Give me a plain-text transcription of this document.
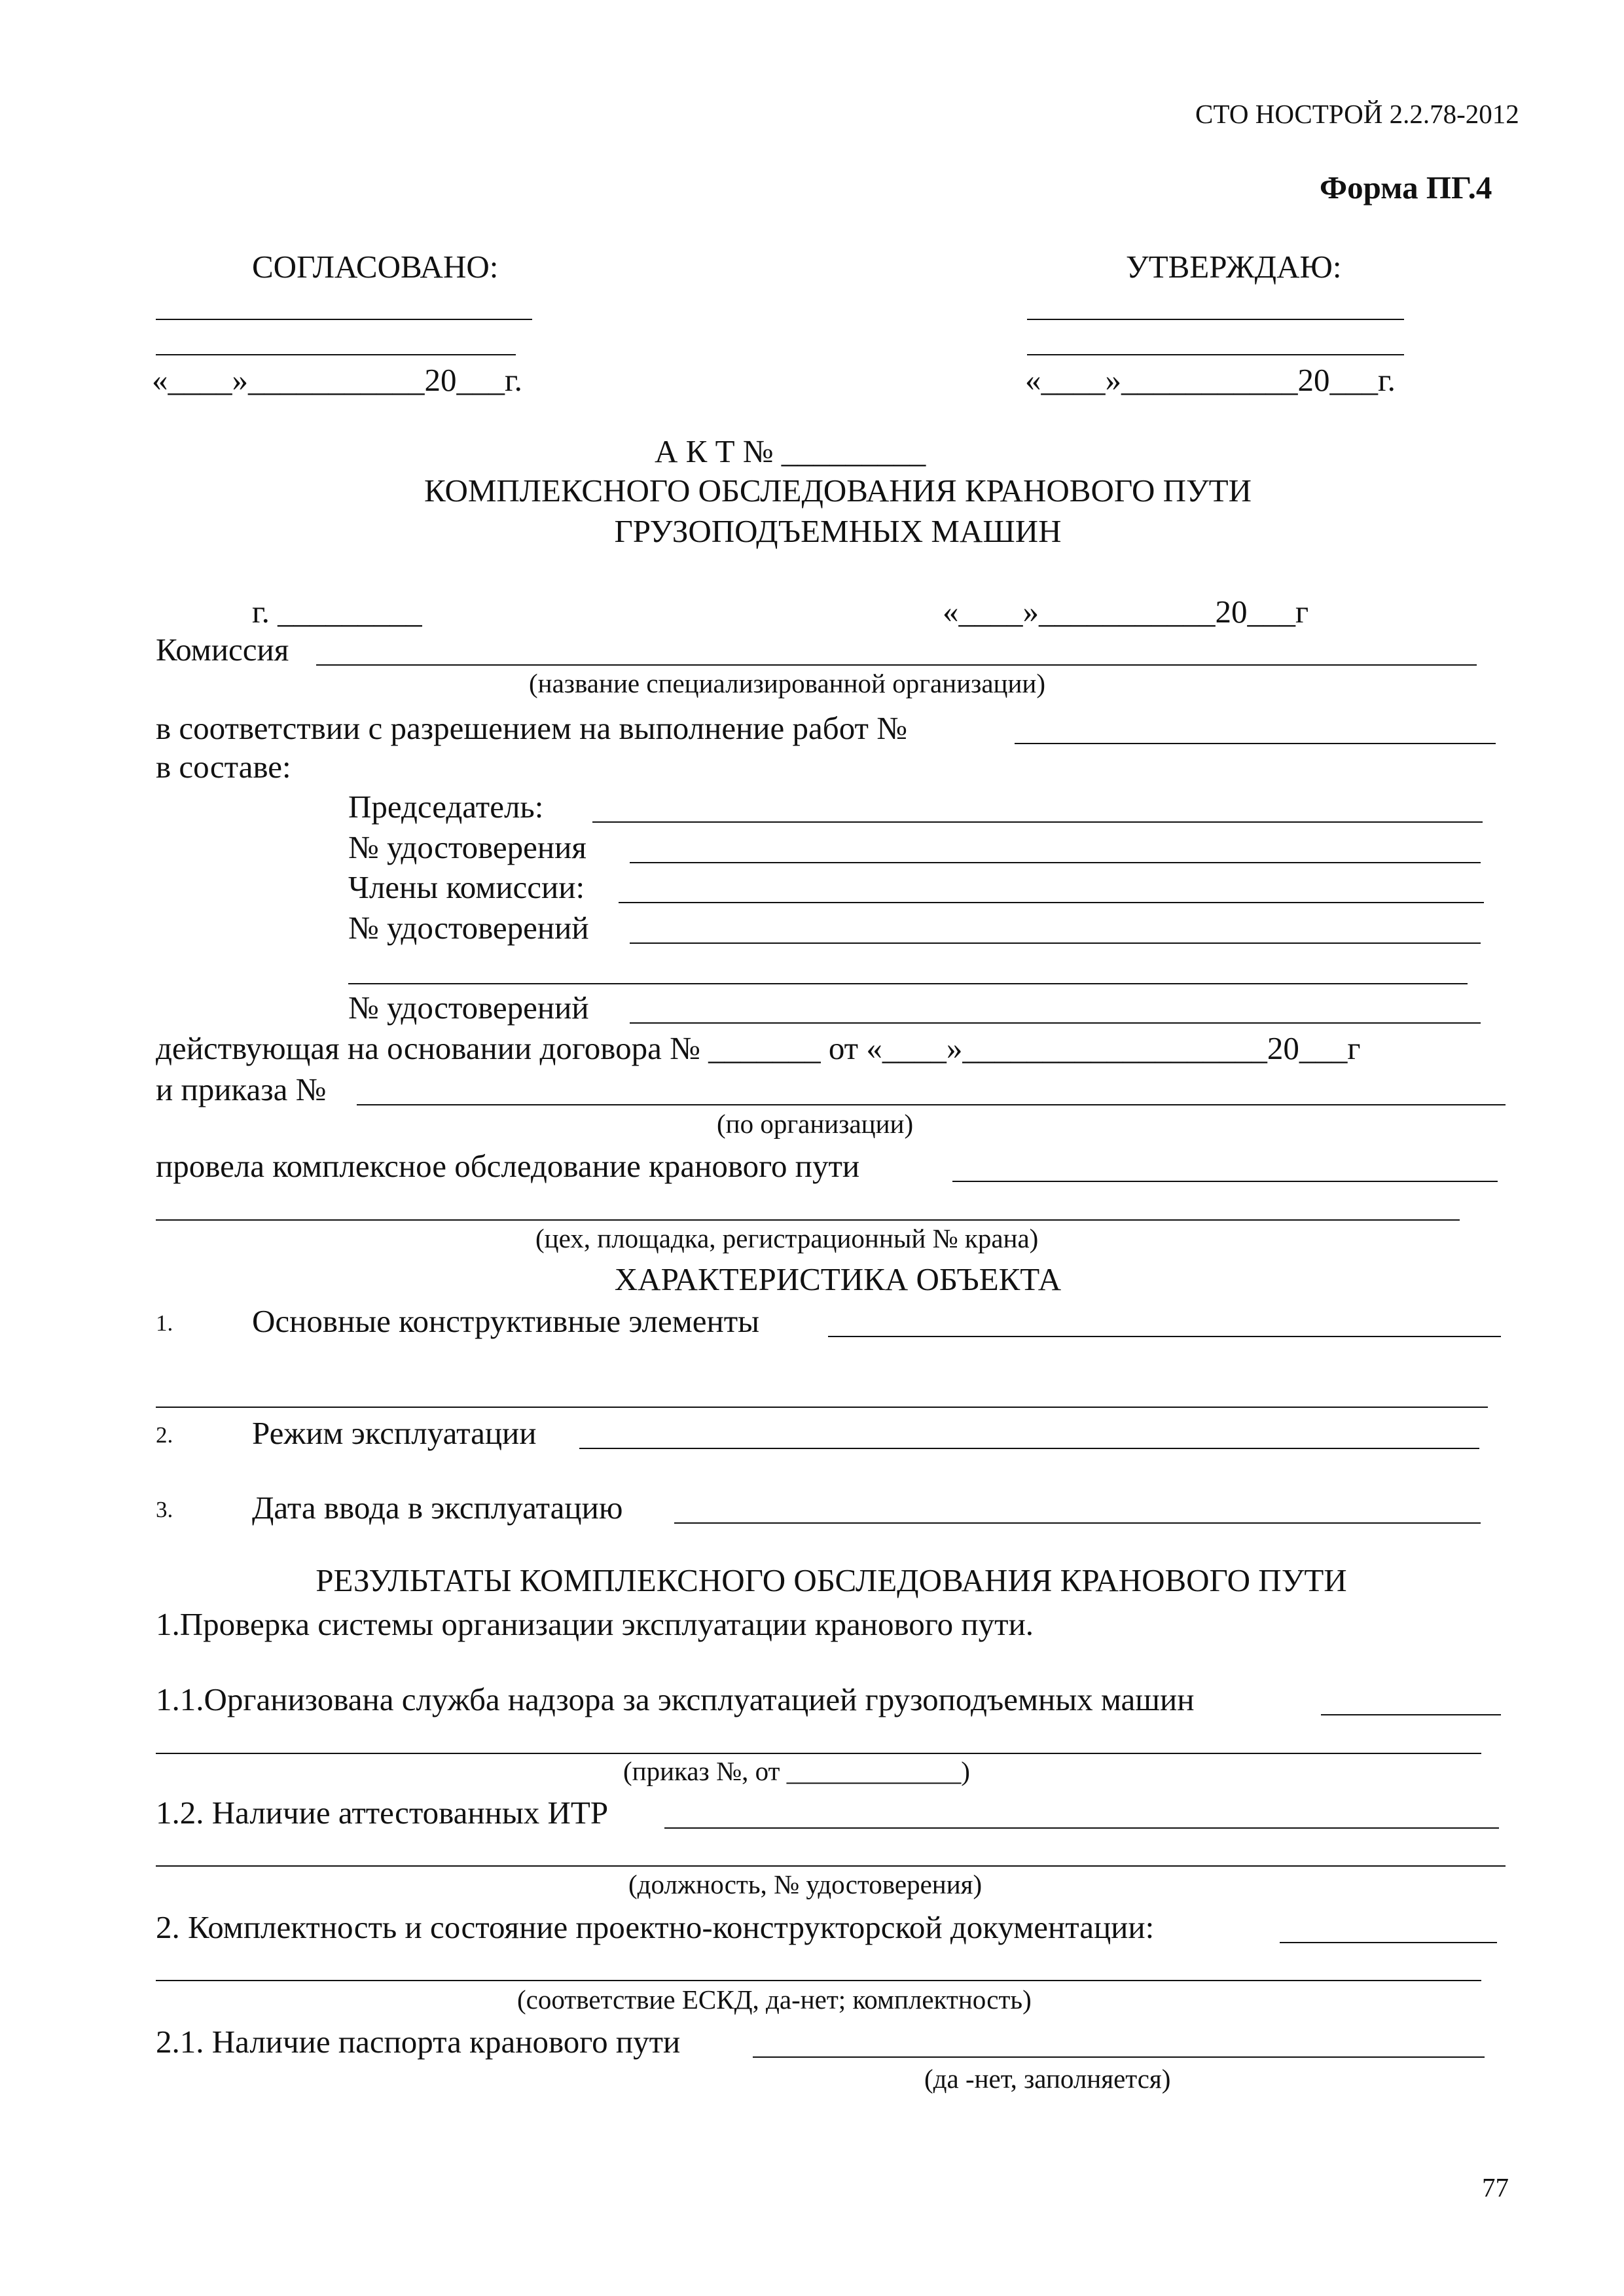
СТО НОСТРОЙ 2.2.78-2012
Форма ПГ.4
СОГЛАСОВАНО:	УТВЕРЖДАЮ:
«____»___________20___г.	«____»___________20___г.
А К Т № _________
КОМПЛЕКСНОГО ОБСЛЕДОВАНИЯ КРАНОВОГО ПУТИ
ГРУЗОПОДЪЕМНЫХ МАШИН
г. _________	«____»___________20___г
Комиссия
(название специализированной организации)
в соответствии с разрешением на выполнение работ №
в составе:
Председатель:
№ удостоверения
Члены комиссии:
№ удостоверений
№ удостоверений
действующая на основании договора № _______ от «____»___________________20___г
и приказа №
(по организации)
провела комплексное обследование кранового пути
(цех, площадка, регистрационный № крана)
ХАРАКТЕРИСТИКА ОБЪЕКТА
1. Основные конструктивные элементы
2. Режим эксплуатации
3. Дата ввода в эксплуатацию
РЕЗУЛЬТАТЫ КОМПЛЕКСНОГО ОБСЛЕДОВАНИЯ КРАНОВОГО ПУТИ
1.Проверка системы организации эксплуатации кранового пути.
1.1.Организована служба надзора за эксплуатацией грузоподъемных машин
(приказ №, от _____________)
1.2. Наличие аттестованных ИТР
(должность, № удостоверения)
2. Комплектность и состояние проектно-конструкторской документации:
(соответствие ЕСКД, да-нет; комплектность)
2.1. Наличие паспорта кранового пути
(да -нет, заполняется)
77
